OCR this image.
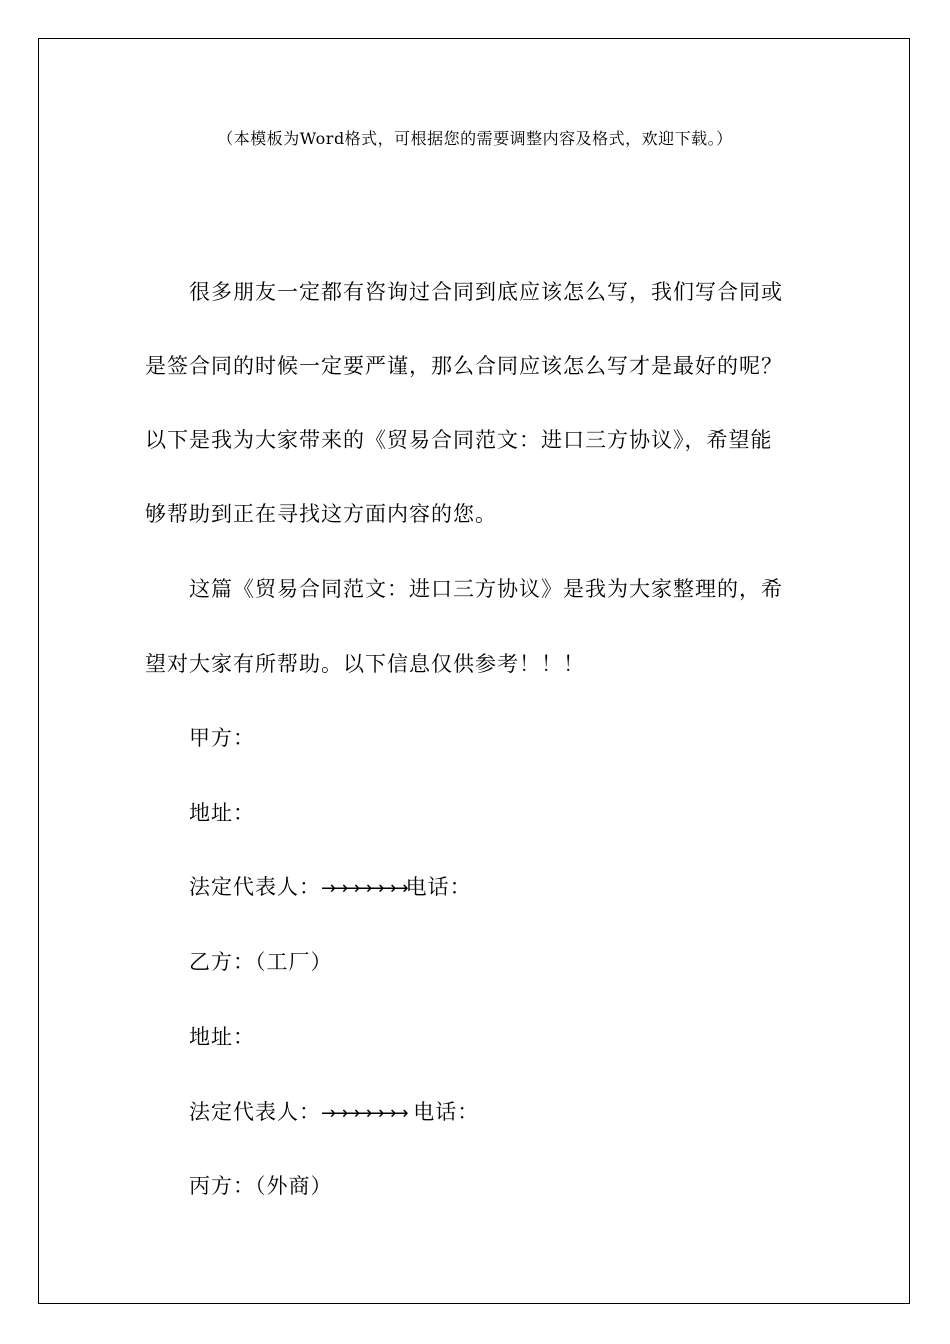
（本模板为Word格式，可根据您的需要调整内容及格式，欢迎下载。）
很多朋友一定都有咨询过合同到底应该怎么写，我们写合同或
是签合同的时候一定要严谨，那么合同应该怎么写才是最好的呢？
以下是我为大家带来的《贸易合同范文：进口三方协议》，希望能
够帮助到正在寻找这方面内容的您。
这篇《贸易合同范文：进口三方协议》是我为大家整理的，希
望对大家有所帮助。以下信息仅供参考！！！
甲方：
地址：
法定代表人：→→→→→→→电话：
乙方：（工厂）
地址：
法定代表人：→→→→→→→ 电话：
丙方：（外商）
